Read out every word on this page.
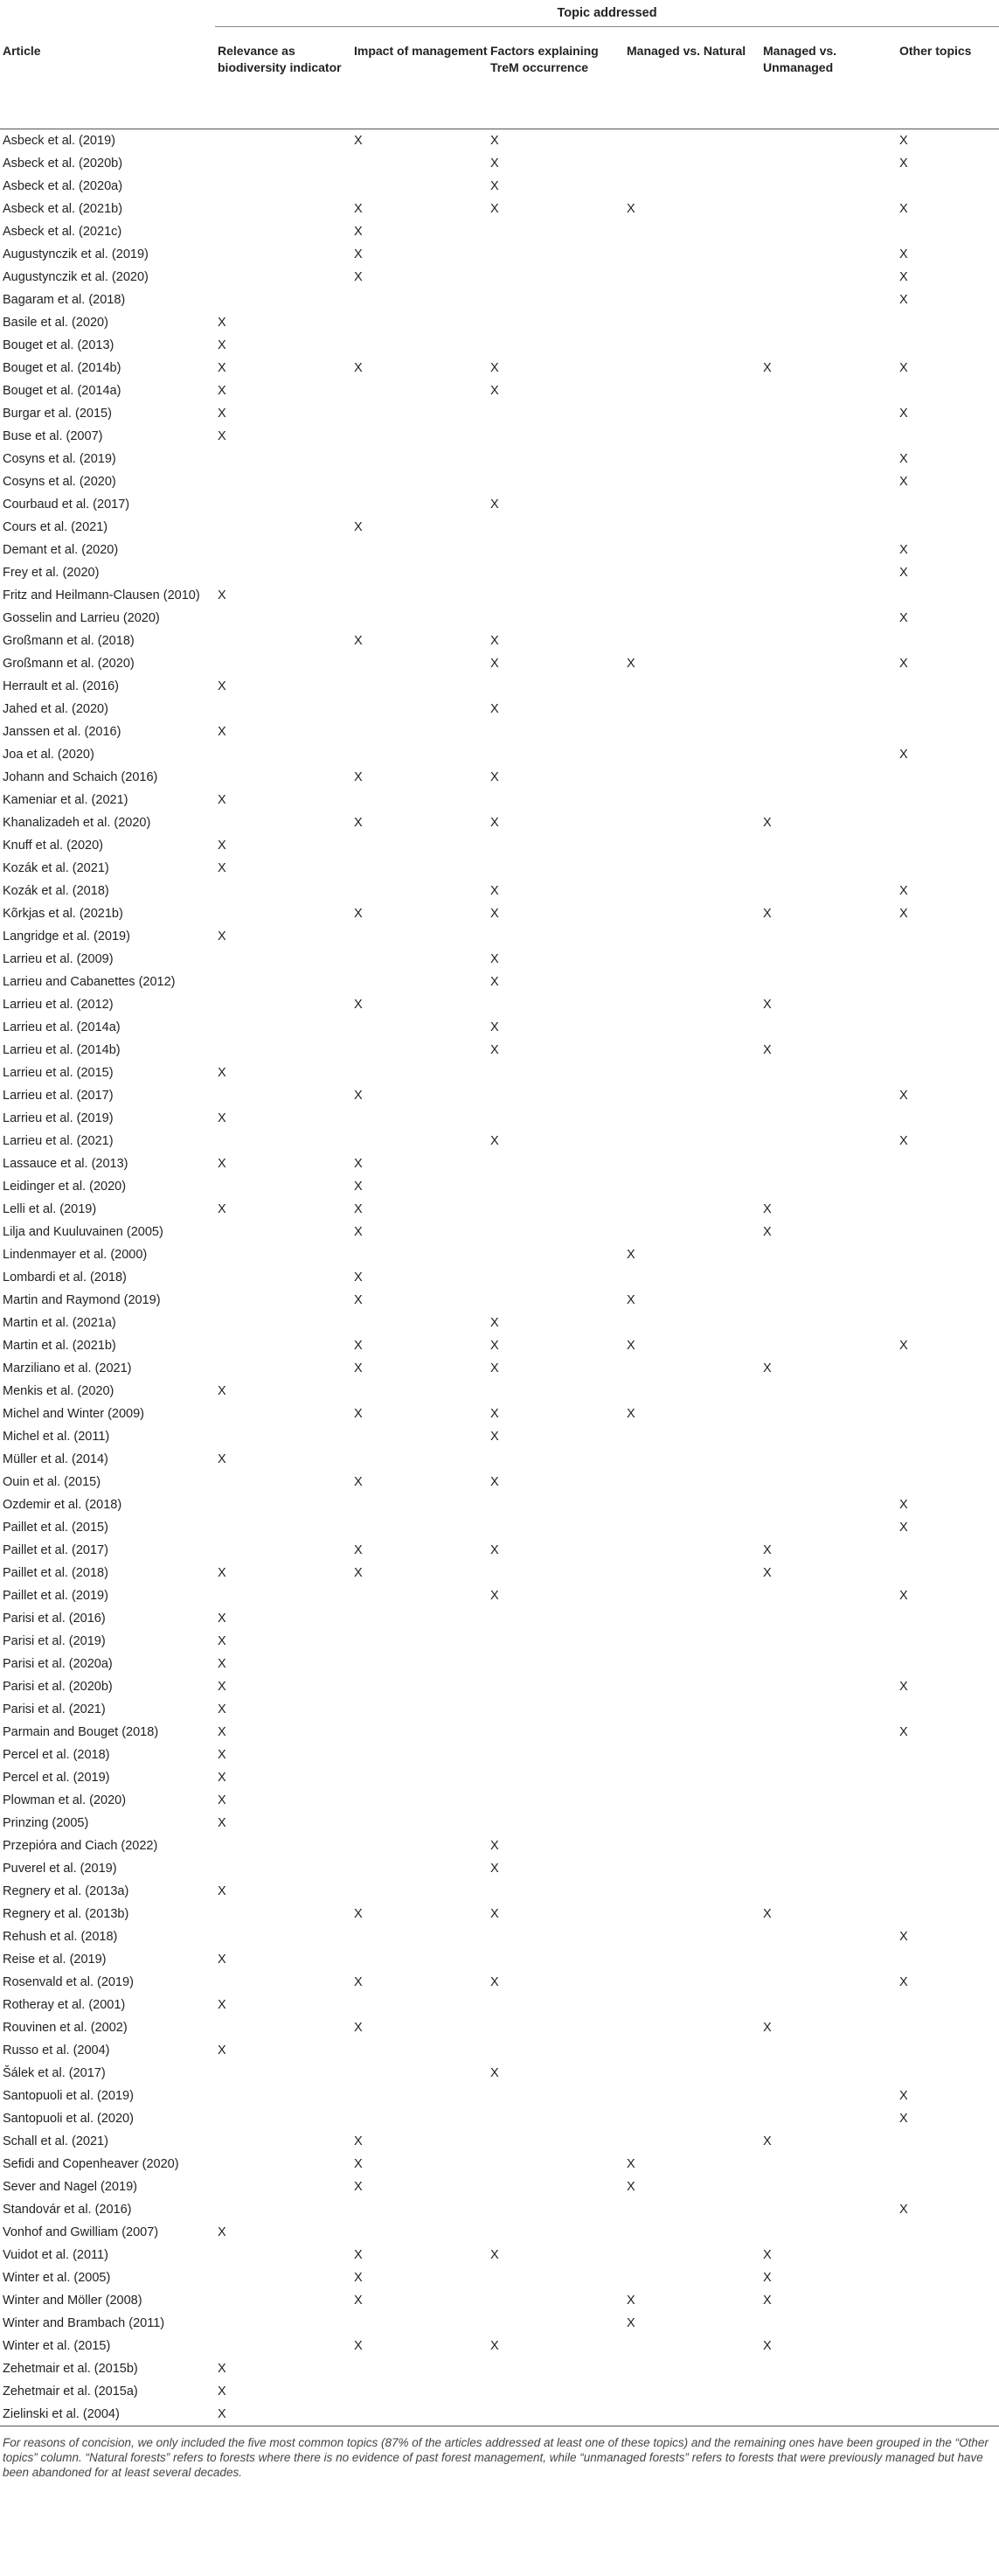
	Topic addressed					
Article	Relevance as biodiversity indicator	Impact of management	Factors explaining TreM occurrence	Managed vs. Natural	Managed vs. Unmanaged	Other topics
Asbeck et al. (2019)		X	X			X
Asbeck et al. (2020b)			X			X
Asbeck et al. (2020a)			X			
Asbeck et al. (2021b)		X	X	X		X
Asbeck et al. (2021c)		X				
Augustynczik et al. (2019)		X				X
Augustynczik et al. (2020)		X				X
Bagaram et al. (2018)						X
Basile et al. (2020)	X					
Bouget et al. (2013)	X					
Bouget et al. (2014b)	X	X	X		X	X
Bouget et al. (2014a)	X		X			
Burgar et al. (2015)	X					X
Buse et al. (2007)	X					
Cosyns et al. (2019)						X
Cosyns et al. (2020)						X
Courbaud et al. (2017)			X			
Cours et al. (2021)		X				
Demant et al. (2020)						X
Frey et al. (2020)						X
Fritz and Heilmann-Clausen (2010)	X					
Gosselin and Larrieu (2020)						X
Großmann et al. (2018)		X	X			
Großmann et al. (2020)			X	X		X
Herrault et al. (2016)	X					
Jahed et al. (2020)			X			
Janssen et al. (2016)	X					
Joa et al. (2020)						X
Johann and Schaich (2016)		X	X			
Kameniar et al. (2021)	X					
Khanalizadeh et al. (2020)		X	X		X	
Knuff et al. (2020)	X					
Kozák et al. (2021)	X					
Kozák et al. (2018)			X			X
Kõrkjas et al. (2021b)		X	X		X	X
Langridge et al. (2019)	X					
Larrieu et al. (2009)			X			
Larrieu and Cabanettes (2012)			X			
Larrieu et al. (2012)		X			X	
Larrieu et al. (2014a)			X			
Larrieu et al. (2014b)			X		X	
Larrieu et al. (2015)	X					
Larrieu et al. (2017)		X				X
Larrieu et al. (2019)	X					
Larrieu et al. (2021)			X			X
Lassauce et al. (2013)	X	X				
Leidinger et al. (2020)		X				
Lelli et al. (2019)	X	X			X	
Lilja and Kuuluvainen (2005)		X			X	
Lindenmayer et al. (2000)				X		
Lombardi et al. (2018)		X				
Martin and Raymond (2019)		X		X		
Martin et al. (2021a)			X			
Martin et al. (2021b)		X	X	X		X
Marziliano et al. (2021)		X	X		X	
Menkis et al. (2020)	X					
Michel and Winter (2009)		X	X	X		
Michel et al. (2011)			X			
Müller et al. (2014)	X					
Ouin et al. (2015)		X	X			
Ozdemir et al. (2018)						X
Paillet et al. (2015)						X
Paillet et al. (2017)		X	X		X	
Paillet et al. (2018)	X	X			X	
Paillet et al. (2019)			X			X
Parisi et al. (2016)	X					
Parisi et al. (2019)	X					
Parisi et al. (2020a)	X					
Parisi et al. (2020b)	X					X
Parisi et al. (2021)	X					
Parmain and Bouget (2018)	X					X
Percel et al. (2018)	X					
Percel et al. (2019)	X					
Plowman et al. (2020)	X					
Prinzing (2005)	X					
Przepióra and Ciach (2022)			X			
Puverel et al. (2019)			X			
Regnery et al. (2013a)	X					
Regnery et al. (2013b)		X	X		X	
Rehush et al. (2018)						X
Reise et al. (2019)	X					
Rosenvald et al. (2019)		X	X			X
Rotheray et al. (2001)	X					
Rouvinen et al. (2002)		X			X	
Russo et al. (2004)	X					
Šálek et al. (2017)			X			
Santopuoli et al. (2019)						X
Santopuoli et al. (2020)						X
Schall et al. (2021)		X			X	
Sefidi and Copenheaver (2020)		X		X		
Sever and Nagel (2019)		X		X		
Standovár et al. (2016)						X
Vonhof and Gwilliam (2007)	X					
Vuidot et al. (2011)		X	X		X	
Winter et al. (2005)		X			X	
Winter and Möller (2008)		X		X	X	
Winter and Brambach (2011)				X		
Winter et al. (2015)		X	X		X	
Zehetmair et al. (2015b)	X					
Zehetmair et al. (2015a)	X					
Zielinski et al. (2004)	X					
For reasons of concision, we only included the five most common topics (87% of the articles addressed at least one of these topics) and the remaining ones have been grouped in the “Other topics” column. “Natural forests” refers to forests where there is no evidence of past forest management, while “unmanaged forests” refers to forests that were previously managed but have been abandoned for at least several decades.
